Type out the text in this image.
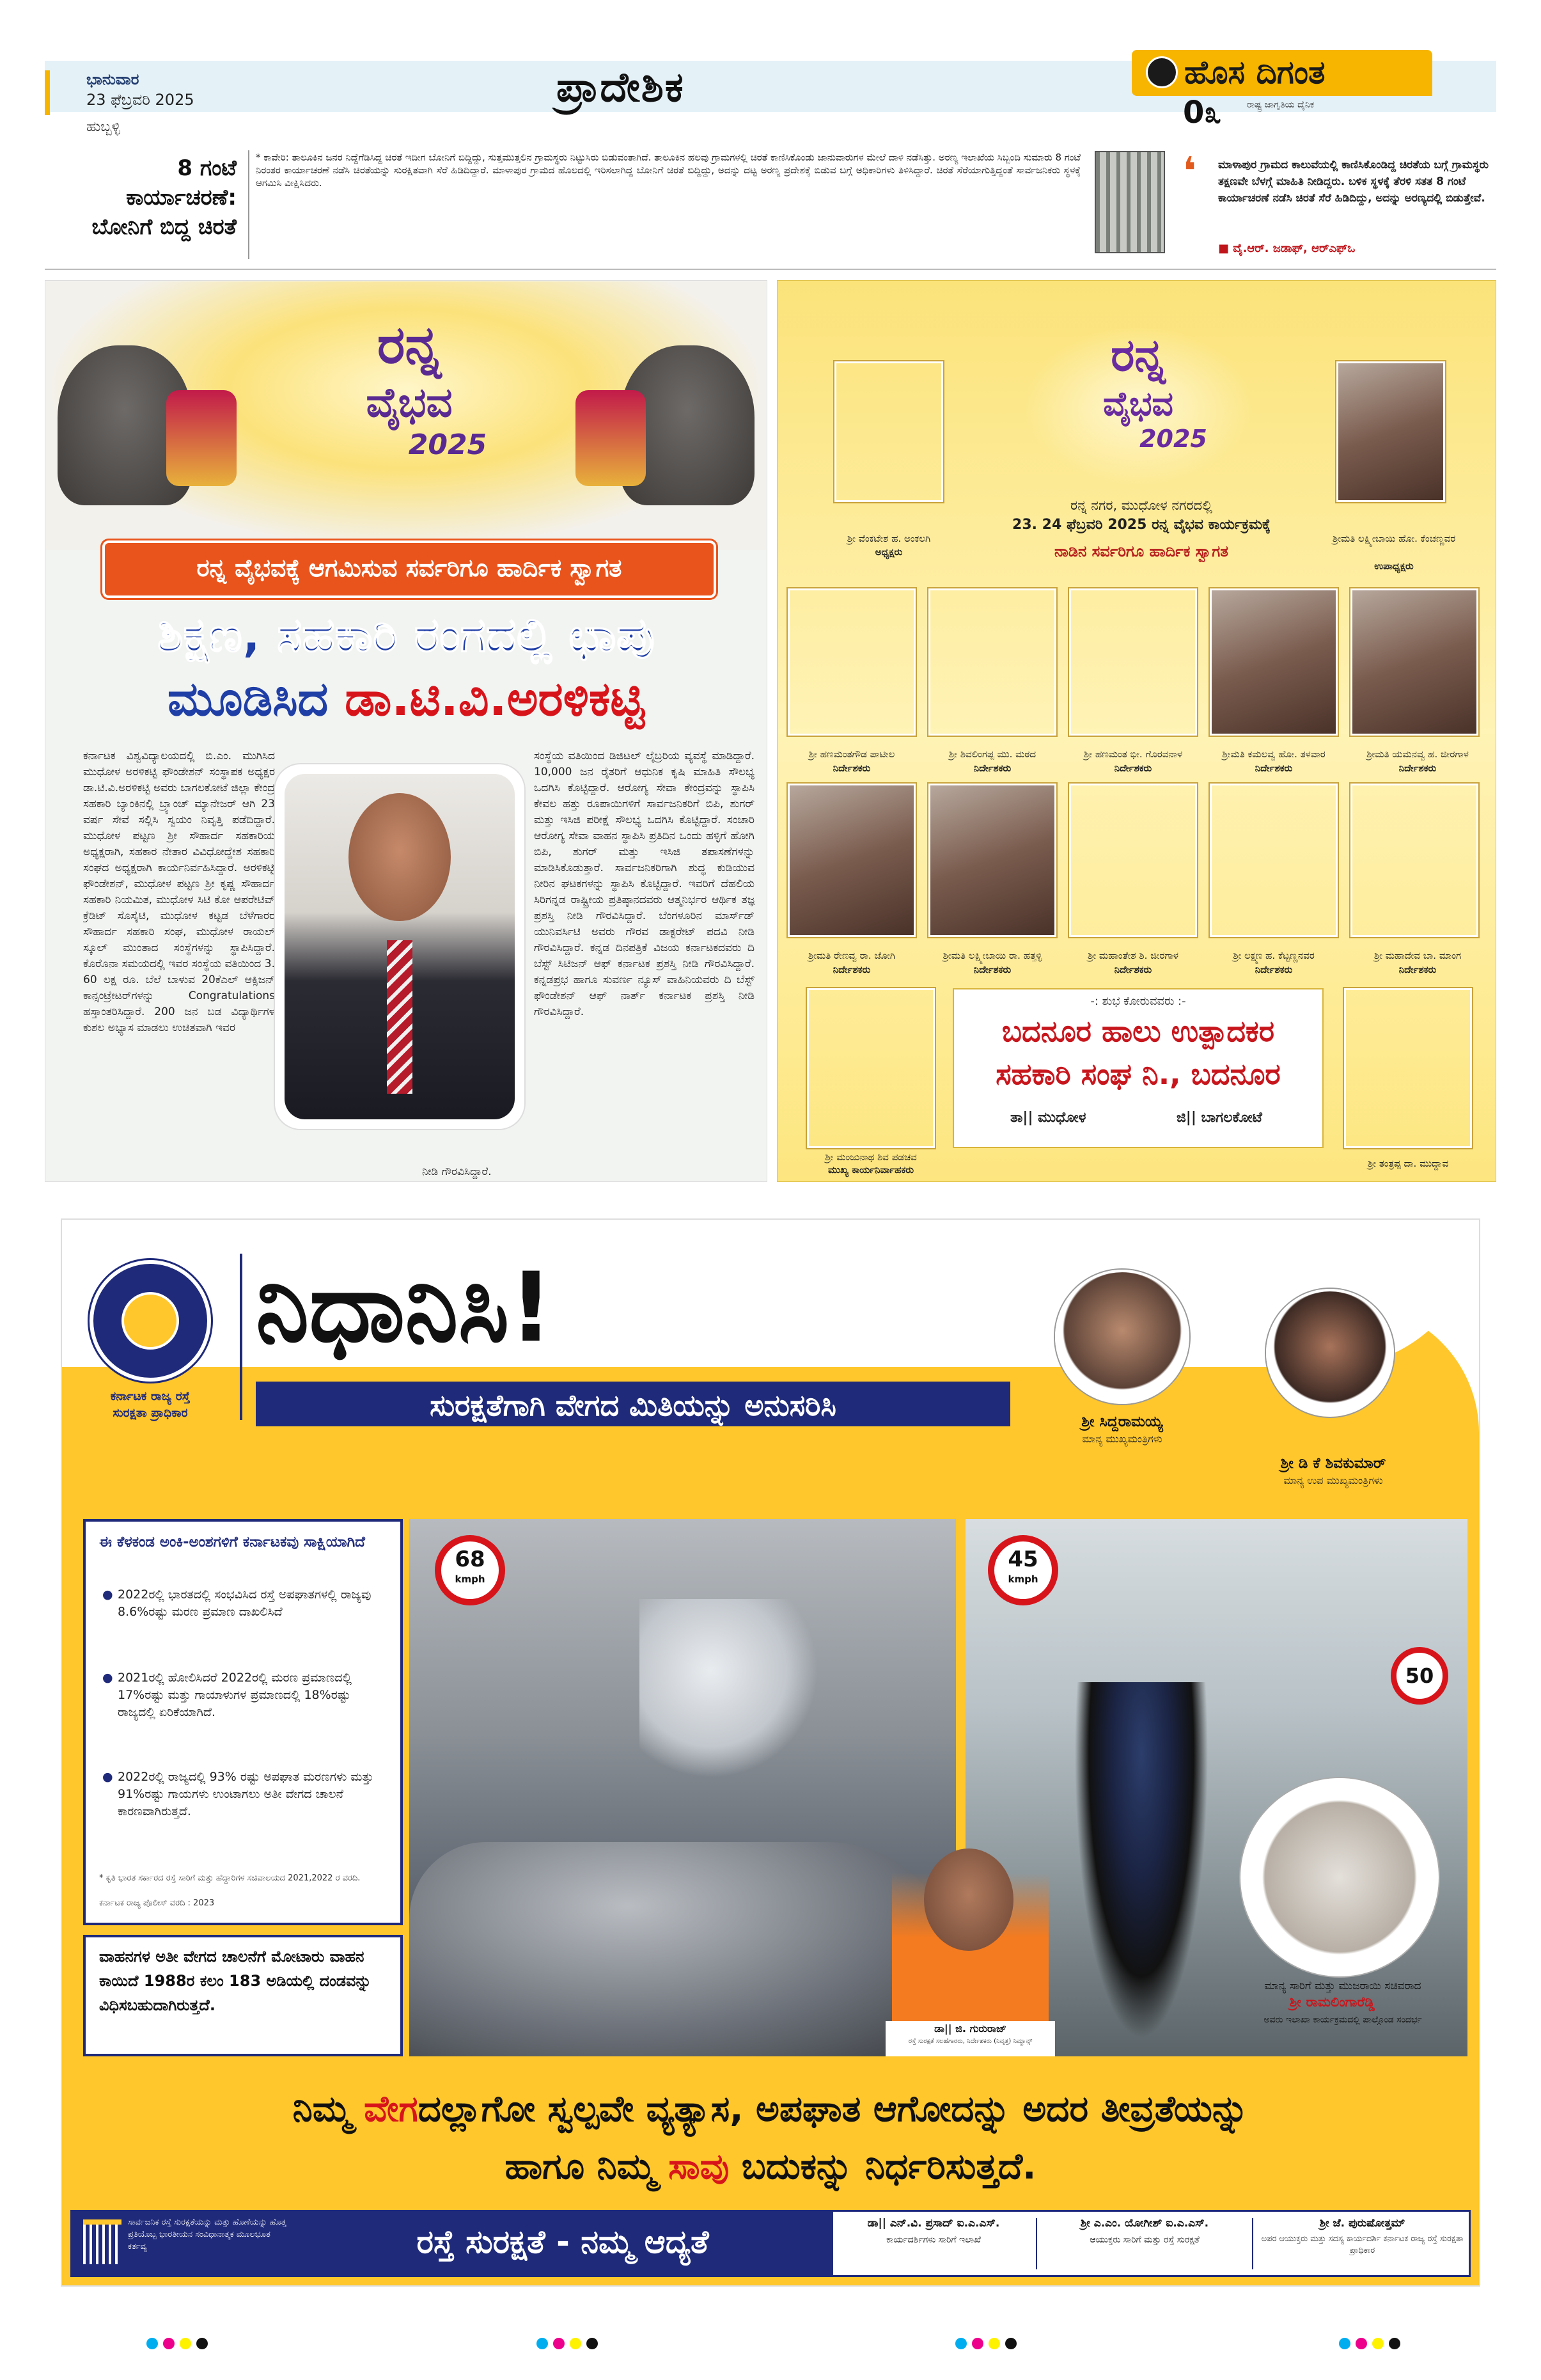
ಭಾನುವಾರ
23 ಫೆಬ್ರವರಿ 2025
ಹುಬ್ಬಳ್ಳಿ
ಪ್ರಾದೇಶಿಕ	ಹೊಸ ದಿಗಂತ
ರಾಷ್ಟ್ರ ಜಾಗೃತಿಯ ದೈನಿಕ
0೩
8 ಗಂಟೆ
ಕಾರ್ಯಾಚರಣೆ:
ಬೋನಿಗೆ ಬಿದ್ದ ಚಿರತೆ
* ಕಾವೇರಿ: ತಾಲೂಕಿನ ಜನರ ನಿದ್ದೆಗೆಡಿಸಿದ್ದ ಚಿರತೆ ಇದೀಗ ಬೋನಿಗೆ ಬಿದ್ದಿದ್ದು, ಸುತ್ತಮುತ್ತಲಿನ ಗ್ರಾಮಸ್ಥರು ನಿಟ್ಟುಸಿರು ಬಿಡುವಂತಾಗಿದೆ. ತಾಲೂಕಿನ ಹಲವು ಗ್ರಾಮಗಳಲ್ಲಿ ಚಿರತೆ ಕಾಣಿಸಿಕೊಂಡು ಜಾನುವಾರುಗಳ ಮೇಲೆ ದಾಳಿ ನಡೆಸಿತ್ತು. ಅರಣ್ಯ ಇಲಾಖೆಯ ಸಿಬ್ಬಂದಿ ಸುಮಾರು 8 ಗಂಟೆ ನಿರಂತರ ಕಾರ್ಯಾಚರಣೆ ನಡೆಸಿ ಚಿರತೆಯನ್ನು ಸುರಕ್ಷಿತವಾಗಿ ಸೆರೆ ಹಿಡಿದಿದ್ದಾರೆ. ಮಾಳಾಪುರ ಗ್ರಾಮದ ಹೊಲದಲ್ಲಿ ಇರಿಸಲಾಗಿದ್ದ ಬೋನಿಗೆ ಚಿರತೆ ಬಿದ್ದಿದ್ದು, ಅದನ್ನು ದಟ್ಟ ಅರಣ್ಯ ಪ್ರದೇಶಕ್ಕೆ ಬಿಡುವ ಬಗ್ಗೆ ಅಧಿಕಾರಿಗಳು ತಿಳಿಸಿದ್ದಾರೆ. ಚಿರತೆ ಸೆರೆಯಾಗುತ್ತಿದ್ದಂತೆ ಸಾರ್ವಜನಿಕರು ಸ್ಥಳಕ್ಕೆ ಆಗಮಿಸಿ ವೀಕ್ಷಿಸಿದರು.	❛ ಮಾಳಾಪುರ ಗ್ರಾಮದ ಕಾಲುವೆಯಲ್ಲಿ ಕಾಣಿಸಿಕೊಂಡಿದ್ದ ಚಿರತೆಯ ಬಗ್ಗೆ ಗ್ರಾಮಸ್ಥರು ತಕ್ಷಣವೇ ಬೆಳಗ್ಗೆ ಮಾಹಿತಿ ನೀಡಿದ್ದರು. ಬಳಿಕ ಸ್ಥಳಕ್ಕೆ ತೆರಳಿ ಸತತ 8 ಗಂಟೆ ಕಾರ್ಯಾಚರಣೆ ನಡೆಸಿ ಚಿರತೆ ಸೆರೆ ಹಿಡಿದಿದ್ದು, ಅದನ್ನು ಅರಣ್ಯದಲ್ಲಿ ಬಿಡುತ್ತೇವೆ.
■ ವೈ.ಆರ್. ಜಡಾಫ್, ಆರ್‌ಎಫ್‌ಒ
ರನ್ನ
ವೈಭವ
2025
ರನ್ನ ವೈಭವಕ್ಕೆ ಆಗಮಿಸುವ ಸರ್ವರಿಗೂ ಹಾರ್ದಿಕ ಸ್ವಾಗತ
ಶಿಕ್ಷಣ, ಸಹಕಾರಿ ರಂಗದಲ್ಲಿ ಛಾಪು
ಮೂಡಿಸಿದ ಡಾ.ಟಿ.ವಿ.ಅರಳಿಕಟ್ಟಿ
ಕರ್ನಾಟಕ ವಿಶ್ವವಿದ್ಯಾಲಯದಲ್ಲಿ ಬಿ.ಎಂ. ಮುಗಿಸಿದ ಮುಧೋಳ ಅರಳಿಕಟ್ಟಿ ಫೌಂಡೇಶನ್ ಸಂಸ್ಥಾಪಕ ಅಧ್ಯಕ್ಷರ ಡಾ.ಟಿ.ವಿ.ಅರಳಿಕಟ್ಟಿ ಅವರು ಬಾಗಲಕೋಟೆ ಜಿಲ್ಲಾ ಕೇಂದ್ರ ಸಹಕಾರಿ ಬ್ಯಾಂಕಿನಲ್ಲಿ ಬ್ರ್ಯಾಂಚ್ ಮ್ಯಾನೇಜರ್ ಆಗಿ 23 ವರ್ಷ ಸೇವೆ ಸಲ್ಲಿಸಿ ಸ್ವಯಂ ನಿವೃತ್ತಿ ಪಡೆದಿದ್ದಾರೆ. ಮುಧೋಳ ಪಟ್ಟಣ ಶ್ರೀ ಸೌಹಾರ್ದ ಸಹಕಾರಿಯ ಅಧ್ಯಕ್ಷರಾಗಿ, ಸಹಕಾರ ನೇತಾರ ವಿವಿಧೋದ್ದೇಶ ಸಹಕಾರಿ ಸಂಘದ ಅಧ್ಯಕ್ಷರಾಗಿ ಕಾರ್ಯನಿರ್ವಹಿಸಿದ್ದಾರೆ. ಅರಳಿಕಟ್ಟಿ ಫೌಂಡೇಶನ್, ಮುಧೋಳ ಪಟ್ಟಣ ಶ್ರೀ ಕೃಷ್ಣ ಸೌಹಾರ್ದ ಸಹಕಾರಿ ನಿಯಮಿತ, ಮುಧೋಳ ಸಿಟಿ ಕೋ ಆಪರೇಟಿವ್ ಕ್ರೆಡಿಟ್ ಸೊಸೈಟಿ, ಮುಧೋಳ ಕಟ್ಟಡ ಬೆಳೆಗಾರರ ಸೌಹಾರ್ದ ಸಹಕಾರಿ ಸಂಘ, ಮುಧೋಳ ರಾಯಲ್ ಸ್ಕೂಲ್ ಮುಂತಾದ ಸಂಸ್ಥೆಗಳನ್ನು ಸ್ಥಾಪಿಸಿದ್ದಾರೆ. ಕೊರೊನಾ ಸಮಯದಲ್ಲಿ ಇವರ ಸಂಸ್ಥೆಯ ವತಿಯಿಂದ 3. 60 ಲಕ್ಷ ರೂ. ಬೆಲೆ ಬಾಳುವ 20ಕೆಎಲ್ ಆಕ್ಸಿಜನ್ ಕಾನ್ಸಂಟ್ರೇಟರ್‌ಗಳನ್ನು Congratulations ಹಸ್ತಾಂತರಿಸಿದ್ದಾರೆ. 200 ಜನ ಬಡ ವಿದ್ಯಾರ್ಥಿಗಳ ಕುಶಲ ಅಭ್ಯಾಸ ಮಾಡಲು ಉಚಿತವಾಗಿ ಇವರ
ಸಂಸ್ಥೆಯ ವತಿಯಿಂದ ಡಿಜಿಟಲ್ ಲೈಬ್ರರಿಯ ವ್ಯವಸ್ಥೆ ಮಾಡಿದ್ದಾರೆ. 10,000 ಜನ ರೈತರಿಗೆ ಆಧುನಿಕ ಕೃಷಿ ಮಾಹಿತಿ ಸೌಲಭ್ಯ ಒದಗಿಸಿ ಕೊಟ್ಟಿದ್ದಾರೆ. ಆರೋಗ್ಯ ಸೇವಾ ಕೇಂದ್ರವನ್ನು ಸ್ಥಾಪಿಸಿ ಕೇವಲ ಹತ್ತು ರೂಪಾಯಿಗಳಿಗೆ ಸಾರ್ವಜನಿಕರಿಗೆ ಬಿಪಿ, ಶುಗರ್ ಮತ್ತು ಇಸಿಜಿ ಪರೀಕ್ಷೆ ಸೌಲಭ್ಯ ಒದಗಿಸಿ ಕೊಟ್ಟಿದ್ದಾರೆ. ಸಂಚಾರಿ ಆರೋಗ್ಯ ಸೇವಾ ವಾಹನ ಸ್ಥಾಪಿಸಿ ಪ್ರತಿದಿನ ಒಂದು ಹಳ್ಳಿಗೆ ಹೋಗಿ ಬಿಪಿ, ಶುಗರ್ ಮತ್ತು ಇಸಿಜಿ ತಪಾಸಣೆಗಳನ್ನು ಮಾಡಿಸಿಕೊಡುತ್ತಾರೆ. ಸಾರ್ವಜನಿಕರಿಗಾಗಿ ಶುದ್ಧ ಕುಡಿಯುವ ನೀರಿನ ಘಟಕಗಳನ್ನು ಸ್ಥಾಪಿಸಿ ಕೊಟ್ಟಿದ್ದಾರೆ. ಇವರಿಗೆ ದೆಹಲಿಯ ಸಿರಿಗನ್ನಡ ರಾಷ್ಟ್ರೀಯ ಪ್ರತಿಷ್ಠಾನದವರು ಆತ್ಮನಿರ್ಭರ ಆರ್ಥಿಕ ತಜ್ಞ ಪ್ರಶಸ್ತಿ ನೀಡಿ ಗೌರವಿಸಿದ್ದಾರೆ. ಬೆಂಗಳೂರಿನ ಮಾರ್ಸ್‌ಡ್ ಯುನಿವರ್ಸಿಟಿ ಅವರು ಗೌರವ ಡಾಕ್ಟರೇಟ್ ಪದವಿ ನೀಡಿ ಗೌರವಿಸಿದ್ದಾರೆ. ಕನ್ನಡ ದಿನಪತ್ರಿಕೆ ವಿಜಯ ಕರ್ನಾಟಕದವರು ದಿ ಬೆಸ್ಟ್ ಸಿಟಿಜನ್ ಆಫ್ ಕರ್ನಾಟಕ ಪ್ರಶಸ್ತಿ ನೀಡಿ ಗೌರವಿಸಿದ್ದಾರೆ. ಕನ್ನಡಪ್ರಭ ಹಾಗೂ ಸುವರ್ಣ ನ್ಯೂಸ್ ವಾಹಿನಿಯವರು ದಿ ಬೆಸ್ಟ್ ಫೌಂಡೇಶನ್ ಆಫ್ ನಾರ್ತ್ ಕರ್ನಾಟಕ ಪ್ರಶಸ್ತಿ ನೀಡಿ ಗೌರವಿಸಿದ್ದಾರೆ.
ನೀಡಿ ಗೌರವಿಸಿದ್ದಾರೆ.
ಶ್ರೀ ವೆಂಕಟೇಶ ಹ. ಅಂಕಲಗಿ
ಅಧ್ಯಕ್ಷರು
ರನ್ನ
ವೈಭವ
2025
ರನ್ನ ನಗರ, ಮುಧೋಳ ನಗರದಲ್ಲಿ
23. 24 ಫೆಬ್ರವರಿ 2025 ರನ್ನ ವೈಭವ ಕಾರ್ಯಕ್ರಮಕ್ಕೆ
ನಾಡಿನ ಸರ್ವರಿಗೂ ಹಾರ್ದಿಕ ಸ್ವಾಗತ
ಶ್ರೀಮತಿ ಲಕ್ಷ್ಮೀಬಾಯಿ ಹೋ. ಕೆಂಚಣ್ಣವರ
ಉಪಾಧ್ಯಕ್ಷರು
ಶ್ರೀ ಹಣಮಂತಗೌಡ ಪಾಟೀಲ
ನಿರ್ದೇಶಕರು
ಶ್ರೀ ಶಿವಲಿಂಗಪ್ಪ ಮು. ಮಠದ
ನಿರ್ದೇಶಕರು
ಶ್ರೀ ಹಣಮಂತ ಭೀ. ಗೊರವನಾಳ
ನಿರ್ದೇಶಕರು
ಶ್ರೀಮತಿ ಕಮಲವ್ವ ಹೋ. ತಳವಾರ
ನಿರ್ದೇಶಕರು
ಶ್ರೀಮತಿ ಯಮನವ್ವ ಹ. ಜೀರಗಾಳ
ನಿರ್ದೇಶಕರು
ಶ್ರೀಮತಿ ರೇಣವ್ವ ರಾ. ಜೋಗಿ
ನಿರ್ದೇಶಕರು
ಶ್ರೀಮತಿ ಲಕ್ಷ್ಮೀಬಾಯಿ ರಾ. ಹತ್ತಳ್ಳಿ
ನಿರ್ದೇಶಕರು
ಶ್ರೀ ಮಹಾಂತೇಶ ಶಿ. ಜೀರಗಾಳ
ನಿರ್ದೇಶಕರು
ಶ್ರೀ ಲಕ್ಷ್ಮಣ ಹ. ಕೆಟ್ಟಣ್ಣನವರ
ನಿರ್ದೇಶಕರು
ಶ್ರೀ ಮಹಾದೇವ ಬಾ. ಮಾಂಗ
ನಿರ್ದೇಶಕರು
ಶ್ರೀ ಮಂಜುನಾಥ ಶಿವ ಪಡಚವ
ಮುಖ್ಯ ಕಾರ್ಯನಿರ್ವಾಹಕರು
-: ಶುಭ ಕೋರುವವರು :-
ಬದನೂರ ಹಾಲು ಉತ್ಪಾದಕರ
ಸಹಕಾರಿ ಸಂಘ ನಿ., ಬದನೂರ
ತಾ|| ಮುಧೋಳ	ಜಿ|| ಬಾಗಲಕೋಟೆ
ಶ್ರೀ ತಂತ್ರಪ್ಪ ದಾ. ಮುದ್ದಾವ
ಕರ್ನಾಟಕ ರಾಜ್ಯ ರಸ್ತೆ
ಸುರಕ್ಷತಾ ಪ್ರಾಧಿಕಾರ
ನಿಧಾನಿಸಿ!
ಸುರಕ್ಷತೆಗಾಗಿ ವೇಗದ ಮಿತಿಯನ್ನು ಅನುಸರಿಸಿ	ಶ್ರೀ ಸಿದ್ದರಾಮಯ್ಯ
ಮಾನ್ಯ ಮುಖ್ಯಮಂತ್ರಿಗಳು
ಶ್ರೀ ಡಿ ಕೆ ಶಿವಕುಮಾರ್
ಮಾನ್ಯ ಉಪ ಮುಖ್ಯಮಂತ್ರಿಗಳು
ಈ ಕೆಳಕಂಡ ಅಂಕಿ-ಅಂಶಗಳಿಗೆ ಕರ್ನಾಟಕವು ಸಾಕ್ಷಿಯಾಗಿದೆ
● 2022ರಲ್ಲಿ ಭಾರತದಲ್ಲಿ ಸಂಭವಿಸಿದ ರಸ್ತೆ ಅಪಘಾತಗಳಲ್ಲಿ ರಾಜ್ಯವು 8.6%ರಷ್ಟು ಮರಣ ಪ್ರಮಾಣ ದಾಖಲಿಸಿದೆ
● 2021ರಲ್ಲಿ ಹೋಲಿಸಿದರೆ 2022ರಲ್ಲಿ ಮರಣ ಪ್ರಮಾಣದಲ್ಲಿ 17%ರಷ್ಟು ಮತ್ತು ಗಾಯಾಳುಗಳ ಪ್ರಮಾಣದಲ್ಲಿ 18%ರಷ್ಟು ರಾಜ್ಯದಲ್ಲಿ ಏರಿಕೆಯಾಗಿದೆ.
● 2022ರಲ್ಲಿ ರಾಜ್ಯದಲ್ಲಿ 93% ರಷ್ಟು ಅಪಘಾತ ಮರಣಗಳು ಮತ್ತು 91%ರಷ್ಟು ಗಾಯಗಳು ಉಂಟಾಗಲು ಅತೀ ವೇಗದ ಚಾಲನೆ ಕಾರಣವಾಗಿರುತ್ತದೆ.
* ಕೃತಿ ಭಾರತ ಸರ್ಕಾರದ ರಸ್ತೆ ಸಾರಿಗೆ ಮತ್ತು ಹೆದ್ದಾರಿಗಳ ಸಚಿವಾಲಯದ 2021,2022 ರ ವರದಿ.
ಕರ್ನಾಟಕ ರಾಜ್ಯ ಪೊಲೀಸ್ ವರದಿ : 2023
ವಾಹನಗಳ ಅತೀ ವೇಗದ ಚಾಲನೆಗೆ ಮೋಟಾರು ವಾಹನ ಕಾಯಿದೆ 1988ರ ಕಲಂ 183 ಅಡಿಯಲ್ಲಿ ದಂಡವನ್ನು ವಿಧಿಸಬಹುದಾಗಿರುತ್ತದೆ.
68
kmph
45
kmph
50
ಡಾ|| ಜಿ. ಗುರುರಾಜ್
ರಸ್ತೆ ಸುರಕ್ಷತೆ ಸಲಹೆಗಾರರು, ನಿರ್ದೇಶಕರು (ನಿವೃತ್ತ) ನಿಮ್ಹಾನ್ಸ್
ಮಾನ್ಯ ಸಾರಿಗೆ ಮತ್ತು ಮುಜರಾಯಿ ಸಚಿವರಾದ
ಶ್ರೀ ರಾಮಲಿಂಗಾರೆಡ್ಡಿ
ಅವರು ಇಲಾಖಾ ಕಾರ್ಯಕ್ರಮದಲ್ಲಿ ಪಾಲ್ಗೊಂಡ ಸಂದರ್ಭ
ನಿಮ್ಮ ವೇಗದಲ್ಲಾಗೋ ಸ್ವಲ್ಪವೇ ವ್ಯತ್ಯಾಸ, ಅಪಘಾತ ಆಗೋದನ್ನು ಅದರ ತೀವ್ರತೆಯನ್ನು
ಹಾಗೂ ನಿಮ್ಮ ಸಾವು ಬದುಕನ್ನು ನಿರ್ಧರಿಸುತ್ತದೆ.
ಸಾರ್ವಜನಿಕ ರಸ್ತೆ ಸುರಕ್ಷತೆಯನ್ನು ಮತ್ತು ಹೊಣೆಯನ್ನು ಹೊತ್ತ ಪ್ರತಿಯೊಬ್ಬ ಭಾರತೀಯನ ಸಂವಿಧಾನಾತ್ಮಕ ಮೂಲಭೂತ ಕರ್ತವ್ಯ	ರಸ್ತೆ ಸುರಕ್ಷತೆ - ನಮ್ಮ ಆದ್ಯತೆ	ಡಾ|| ಎನ್.ವಿ. ಪ್ರಸಾದ್ ಐ.ಎ.ಎಸ್.
ಕಾರ್ಯದರ್ಶಿಗಳು ಸಾರಿಗೆ ಇಲಾಖೆ
ಶ್ರೀ ಎ.ಎಂ. ಯೋಗೀಶ್ ಐ.ಎ.ಎಸ್.
ಆಯುಕ್ತರು ಸಾರಿಗೆ ಮತ್ತು ರಸ್ತೆ ಸುರಕ್ಷತೆ
ಶ್ರೀ ಜೆ. ಪುರುಷೋತ್ತಮ್
ಅಪರ ಆಯುಕ್ತರು ಮತ್ತು ಸದಸ್ಯ ಕಾರ್ಯದರ್ಶಿ ಕರ್ನಾಟಕ ರಾಜ್ಯ ರಸ್ತೆ ಸುರಕ್ಷತಾ ಪ್ರಾಧಿಕಾರ
